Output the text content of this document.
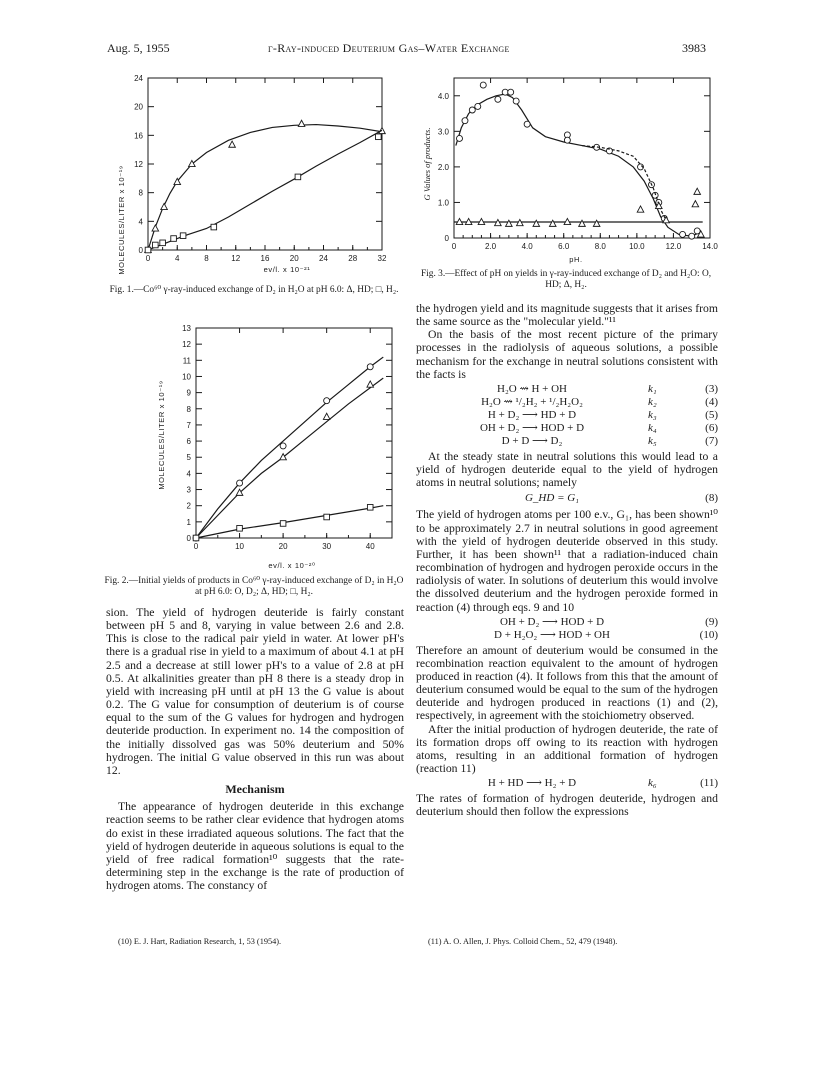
Aug. 5, 1955	γ-Ray-induced Deuterium Gas–Water Exchange	3983
MOLECULES/LITER x 10⁻¹⁹	ev/l. x 10⁻²¹
0	4	8	12	16	20	24	28	32
0
4
8
12
16
20
24
Fig. 1.—Co⁶⁰ γ-ray-induced exchange of D₂ in H₂O at pH 6.0: Δ, HD; □, H₂.
MOLECULES/LITER x 10⁻¹⁹
ev/l. x 10⁻²⁰
0	10	20	30	40
0
1
2
3
4
5
6
7
8
9
10
11
12
13
Fig. 2.—Initial yields of products in Co⁶⁰ γ-ray-induced exchange of D₂ in H₂O at pH 6.0: O, D₂; Δ, HD; □, H₂.
G Values of products.
pH.
0	2.0	4.0	6.0	8.0	10.0	12.0	14.0
0
1.0
2.0
3.0
4.0
Fig. 3.—Effect of pH on yields in γ-ray-induced exchange of D₂ and H₂O: O, HD; Δ, H₂.

sion. The yield of hydrogen deuteride is fairly constant between pH 5 and 8, varying in value between 2.6 and 2.8. This is close to the radical pair yield in water. At lower pH's there is a gradual rise in yield to a maximum of about 4.1 at pH 2.5 and a decrease at still lower pH's to a value of 2.8 at pH 0.5. At alkalinities greater than pH 8 there is a steady drop in yield with increasing pH until at pH 13 the G value is about 0.2. The G value for consumption of deuterium is of course equal to the sum of the G values for hydrogen and hydrogen deuteride production. In experiment no. 14 the composition of the initially dissolved gas was 50% deuterium and 50% hydrogen. The initial G value observed in this run was about 12.

Mechanism

The appearance of hydrogen deuteride in this exchange reaction seems to be rather clear evidence that hydrogen atoms do exist in these irradiated aqueous solutions. The fact that the yield of hydrogen deuteride in aqueous solutions is equal to the yield of free radical formation¹⁰ suggests that the rate-determining step in the exchange is the rate of production of hydrogen atoms. The constancy of

(10) E. J. Hart, Radiation Research, 1, 53 (1954).

the hydrogen yield and its magnitude suggests that it arises from the same source as the "molecular yield."¹¹

On the basis of the most recent picture of the primary processes in the radiolysis of aqueous solutions, a possible mechanism for the exchange in neutral solutions consistent with the facts is

H₂O ⇝ H + OH	k₁	(3)
H₂O ⇝ ¹/₂H₂ + ¹/₂H₂O₂	k₂	(4)
H + D₂ ⟶ HD + D	k₃	(5)
OH + D₂ ⟶ HOD + D	k₄	(6)
D + D ⟶ D₂	k₅	(7)

At the steady state in neutral solutions this would lead to a yield of hydrogen deuteride equal to the yield of hydrogen atoms in neutral solutions; namely

G_HD = G₁	(8)

The yield of hydrogen atoms per 100 e.v., G₁, has been shown¹⁰ to be approximately 2.7 in neutral solutions in good agreement with the yield of hydrogen deuteride observed in this study. Further, it has been shown¹¹ that a radiation-induced chain recombination of hydrogen and hydrogen peroxide occurs in the radiolysis of water. In solutions of deuterium this would involve the dissolved deuterium and the hydrogen peroxide formed in reaction (4) through eqs. 9 and 10

OH + D₂ ⟶ HOD + D	(9)
D + H₂O₂ ⟶ HOD + OH	(10)

Therefore an amount of deuterium would be consumed in the recombination reaction equivalent to the amount of hydrogen produced in reaction (4). It follows from this that the amount of deuterium consumed would be equal to the sum of the hydrogen deuteride and hydrogen produced in reactions (1) and (2), respectively, in agreement with the stoichiometry observed.

After the initial production of hydrogen deuteride, the rate of its formation drops off owing to its reaction with hydrogen atoms, resulting in an additional formation of hydrogen (reaction 11)

H + HD ⟶ H₂ + D	k₆	(11)

The rates of formation of hydrogen deuteride, hydrogen and deuterium should then follow the expressions

(11) A. O. Allen, J. Phys. Colloid Chem., 52, 479 (1948).
